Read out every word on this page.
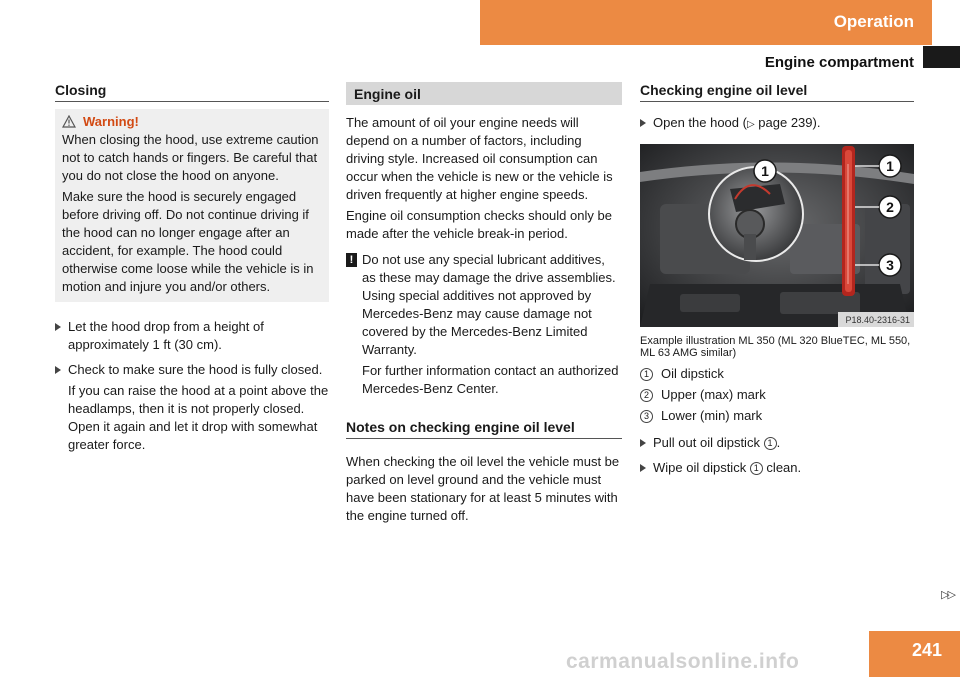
Operation
Engine compartment
Closing
Warning!

When closing the hood, use extreme caution not to catch hands or fingers. Be careful that you do not close the hood on anyone.

Make sure the hood is securely engaged before driving off. Do not continue driving if the hood can no longer engage after an accident, for example. The hood could otherwise come loose while the vehicle is in motion and injure you and/or others.

Let the hood drop from a height of approximately 1 ft (30 cm).

Check to make sure the hood is fully closed.

If you can raise the hood at a point above the headlamps, then it is not properly closed. Open it again and let it drop with somewhat greater force.

Engine oil

The amount of oil your engine needs will depend on a number of factors, including driving style. Increased oil consumption can occur when the vehicle is new or the vehicle is driven frequently at higher engine speeds.

Engine oil consumption checks should only be made after the vehicle break-in period.

! Do not use any special lubricant additives, as these may damage the drive assemblies. Using special additives not approved by Mercedes-Benz may cause damage not covered by the Mercedes-Benz Limited Warranty.

For further information contact an authorized Mercedes-Benz Center.

Notes on checking engine oil level

When checking the oil level the vehicle must be parked on level ground and the vehicle must have been stationary for at least 5 minutes with the engine turned off.

Checking engine oil level

Open the hood (▷ page 239).

1	1
2
3
P18.40-2316-31
Example illustration ML 350 (ML 320 BlueTEC, ML 550, ML 63 AMG similar)
1 Oil dipstick
2 Upper (max) mark
3 Lower (min) mark

Pull out oil dipstick 1 .

Wipe oil dipstick 1 clean.

▷▷
241
carmanualsonline.info
